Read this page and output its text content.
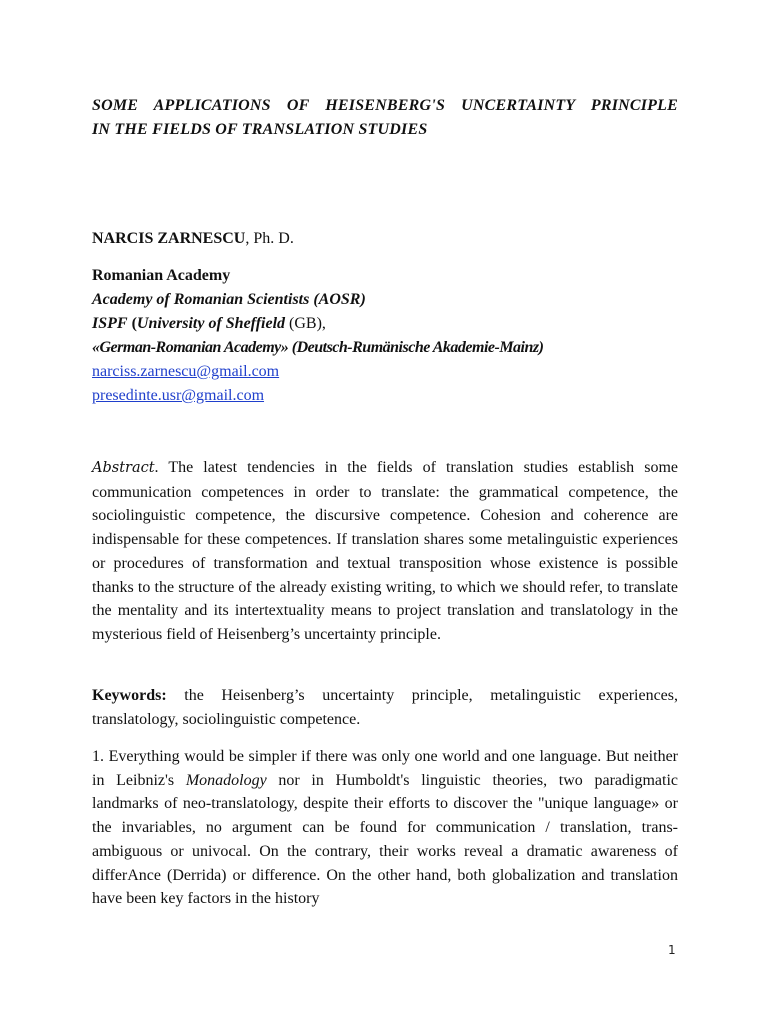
SOME APPLICATIONS OF HEISENBERG'S UNCERTAINTY PRINCIPLE
IN THE FIELDS OF TRANSLATION STUDIES

NARCIS ZARNESCU, Ph. D.

Romanian Academy
Academy of Romanian Scientists (AOSR)
ISPF (University of Sheffield (GB),
«German-Romanian Academy» (Deutsch-Rumänische Akademie-Mainz)
narciss.zarnescu@gmail.com
presedinte.usr@gmail.com

Abstract. The latest tendencies in the fields of translation studies establish some communication competences in order to translate: the grammatical competence, the sociolinguistic competence, the discursive competence. Cohesion and coherence are indispensable for these competences. If translation shares some metalinguistic experiences or procedures of transformation and textual transposition whose existence is possible thanks to the structure of the already existing writing, to which we should refer, to translate the mentality and its intertextuality means to project translation and translatology in the mysterious field of Heisenberg’s uncertainty principle.

Keywords: the Heisenberg’s uncertainty principle, metalinguistic experiences, translatology, sociolinguistic competence.

1. Everything would be simpler if there was only one world and one language. But neither in Leibniz's Monadology nor in Humboldt's linguistic theories, two paradigmatic landmarks of neo-translatology, despite their efforts to discover the "unique language» or the invariables, no argument can be found for communication / translation, trans-ambiguous or univocal. On the contrary, their works reveal a dramatic awareness of differAnce (Derrida) or difference. On the other hand, both globalization and translation have been key factors in the history

1
